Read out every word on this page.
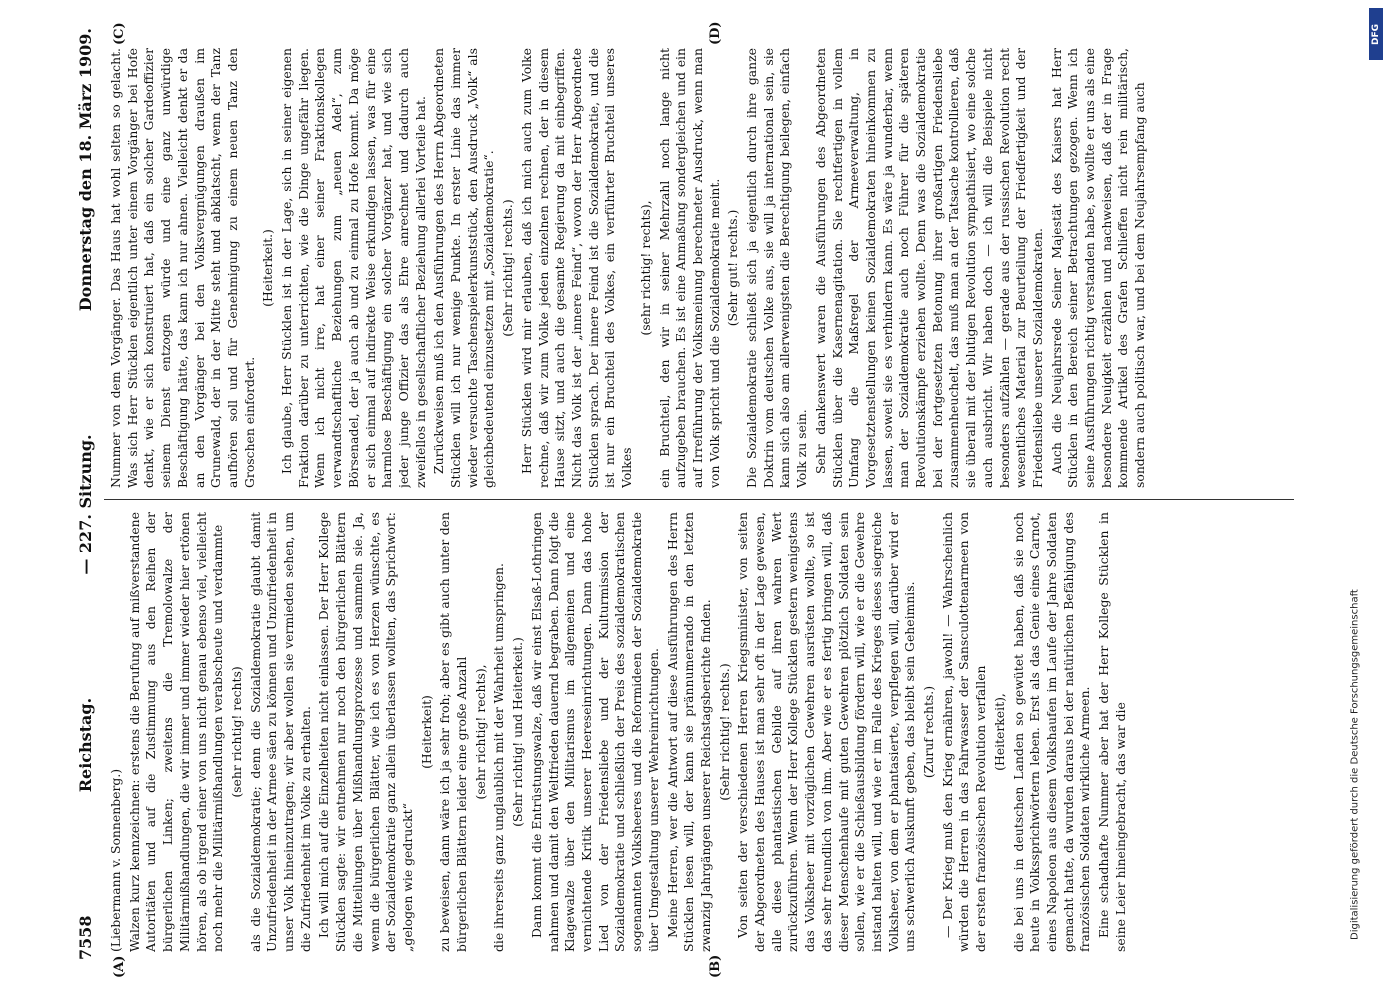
7558
Reichstag.
— 227. Sitzung.
Donnerstag den 18. März 1909.
(A)	(B)
(C)	(D)

(Liebermann v. Sonnenberg.) Walzen kurz kennzeichnen: erstens die Berufung auf mißverstandene Autoritäten und auf die Zustimmung aus den Reihen der bürgerlichen Linken; zweitens die Tremolowalze der Militärmißhandlungen, die wir immer und immer wieder hier ertönen hören, als ob irgend einer von uns nicht genau ebenso viel, vielleicht noch mehr die Militärmißhandlungen verabscheute und verdammte (sehr richtig! rechts) als die Sozialdemokratie; denn die Sozialdemokratie glaubt damit Unzufriedenheit in der Armee säen zu können und Unzufriedenheit in unser Volk hineinzutragen; wir aber wollen sie vermieden sehen, um die Zufriedenheit im Volke zu erhalten. Ich will mich auf die Einzelheiten nicht einlassen. Der Herr Kollege Stücklen sagte: wir entnehmen nur noch den bürgerlichen Blättern die Mitteilungen über Mißhandlungsprozesse und sammeln sie. Ja, wenn die bürgerlichen Blätter, wie ich es von Herzen wünschte, es der Sozialdemokratie ganz allein überlassen wollten, das Sprichwort: „gelogen wie gedruckt“

(Heiterkeit) zu beweisen, dann wäre ich ja sehr froh; aber es gibt auch unter den bürgerlichen Blättern leider eine große Anzahl (sehr richtig! rechts), die ihrerseits ganz unglaublich mit der Wahrheit umspringen. (Sehr richtig! und Heiterkeit.) Dann kommt die Entrüstungswalze, daß wir einst Elsaß-Lothringen nahmen und damit den Weltfrieden dauernd begraben. Dann folgt die Klagewalze über den Militarismus im allgemeinen und eine vernichtende Kritik unserer Heereseinrichtungen. Dann das hohe Lied von der Friedensliebe und der Kulturmission der Sozialdemokratie und schließlich der Preis des sozialdemokratischen sogenannten Volksheeres und die Reformideen der Sozialdemokratie über Umgestaltung unserer Wehreinrichtungen. Meine Herren, wer die Antwort auf diese Ausführungen des Herrn Stücklen lesen will, der kann sie prännumerando in den letzten zwanzig Jahrgängen unserer Reichstagsberichte finden. (Sehr richtig! rechts.) Von seiten der verschiedenen Herren Kriegsminister, von seiten der Abgeordneten des Hauses ist man sehr oft in der Lage gewesen, alle diese phantastischen Gebilde auf ihren wahren Wert zurückzuführen. Wenn der Herr Kollege Stücklen gestern wenigstens das Volksheer mit vorzüglichen Gewehren ausrüsten wollte, so ist das sehr freundlich von ihm. Aber wie er es fertig bringen will, daß dieser Menschenhaufe mit guten Gewehren plötzlich Soldaten sein sollen, wie er die Schießausbildung fördern will, wie er die Gewehre instand halten will, und wie er im Falle des Krieges dieses siegreiche Volksheer, von dem er phantasierte, verpflegen will, darüber wird er uns schwerlich Auskunft geben, das bleibt sein Geheimnis. (Zuruf rechts.) — Der Krieg muß den Krieg ernähren, jawohl! — Wahrscheinlich würden die Herren in das Fahrwasser der Sansculottenarmeen von der ersten französischen Revolution verfallen (Heiterkeit), die bei uns in deutschen Landen so gewütet haben, daß sie noch heute in Volkssprichwörtern leben. Erst als das Genie eines Carnot, eines Napoleon aus diesem Volkshaufen im Laufe der Jahre Soldaten gemacht hatte, da wurden daraus bei der natürlichen Befähigung des französischen Soldaten wirkliche Armeen. Eine schadhafte Nummer aber hat der Herr Kollege Stücklen in seine Leier hineingebracht, das war die

Nummer von dem Vorgänger. Das Haus hat wohl selten so gelacht. Was sich Herr Stücklen eigentlich unter einem Vorgänger bei Hofe denkt, wie er sich konstruiert hat, daß ein solcher Gardeoffizier seinem Dienst entzogen würde und eine ganz unwürdige Beschäftigung hätte, das kann ich nur ahnen. Vielleicht denkt er da an den Vorgänger bei den Volksvergnügungen draußen im Grunewald, der in der Mitte steht und abklatscht, wenn der Tanz aufhören soll und für Genehmigung zu einem neuen Tanz den Groschen einfordert.

(Heiterkeit.) Ich glaube, Herr Stücklen ist in der Lage, sich in seiner eigenen Fraktion darüber zu unterrichten, wie die Dinge ungefähr liegen. Wenn ich nicht irre, hat einer seiner Fraktionskollegen verwandtschaftliche Beziehungen zum „neuen Adel“, zum Börsenadel, der ja auch ab und zu einmal zu Hofe kommt. Da möge er sich einmal auf indirekte Weise erkundigen lassen, was für eine harmlose Beschäftigung ein solcher Vorgänzer hat, und wie sich jeder junge Offizier das als Ehre anrechnet und dadurch auch zweifellos in gesellschaftlicher Beziehung allerlei Vorteile hat. Zurückweisen muß ich den Ausführungen des Herrn Abgeordneten Stücklen will ich nur wenige Punkte. In erster Linie das immer wieder versuchte Taschenspielerkunststück, den Ausdruck „Volk“ als gleichbedeutend einzusetzen mit „Sozialdemokratie“. (Sehr richtig! rechts.) Herr Stücklen wird mir erlauben, daß ich mich auch zum Volke rechne, daß wir zum Volke jeden einzelnen rechnen, der in diesem Hause sitzt, und auch die gesamte Regierung da mit einbegriffen. Nicht das Volk ist der „innere Feind“, wovon der Herr Abgeordnete Stücklen sprach. Der innere Feind ist die Sozialdemokratie, und die ist nur ein Bruchteil des Volkes, ein verführter Bruchteil unseres Volkes

(sehr richtig! rechts), ein Bruchteil, den wir in seiner Mehrzahl noch lange nicht aufzugeben brauchen. Es ist eine Anmaßung sondergleichen und ein auf Irreführung der Volksmeinung berechneter Ausdruck, wenn man von Volk spricht und die Sozialdemokratie meint. (Sehr gut! rechts.) Die Sozialdemokratie schließt sich ja eigentlich durch ihre ganze Doktrin vom deutschen Volke aus, sie will ja international sein, sie kann sich also am allerwenigsten die Berechtigung beilegen, einfach Volk zu sein. Sehr dankenswert waren die Ausführungen des Abgeordneten Stücklen über die Kasernenagitation. Sie rechtfertigen in vollem Umfang die Maßregel der Armeeverwaltung, in Vorgesetztenstellungen keinen Sozialdemokraten hineinkommen zu lassen, soweit sie es verhindern kann. Es wäre ja wunderbar, wenn man der Sozialdemokratie auch noch Führer für die späteren Revolutionskämpfe erziehen wollte. Denn was die Sozialdemokratie bei der fortgesetzten Betonung ihrer großartigen Friedensliebe zusammenheuchelt, das muß man an der Tatsache kontrollieren, daß sie überall mit der blutigen Revolution sympathisiert, wo eine solche auch ausbricht. Wir haben doch — ich will die Beispiele nicht besonders aufzählen — gerade aus der russischen Revolution recht wesentliches Material zur Beurteilung der Friedfertigkeit und der Friedensliebe unserer Sozialdemokraten. Auch die Neujahrsrede Seiner Majestät des Kaisers hat Herr Stücklen in den Bereich seiner Betrachtungen gezogen. Wenn ich seine Ausführungen richtig verstanden habe, so wollte er uns als eine besondere Neuigkeit erzählen und nachweisen, daß der in Frage kommende Artikel des Grafen Schlieffen nicht rein militärisch, sondern auch politisch war, und bei dem Neujahrsempfang auch

DFG
Digitalisierung gefördert durch die Deutsche Forschungsgemeinschaft
